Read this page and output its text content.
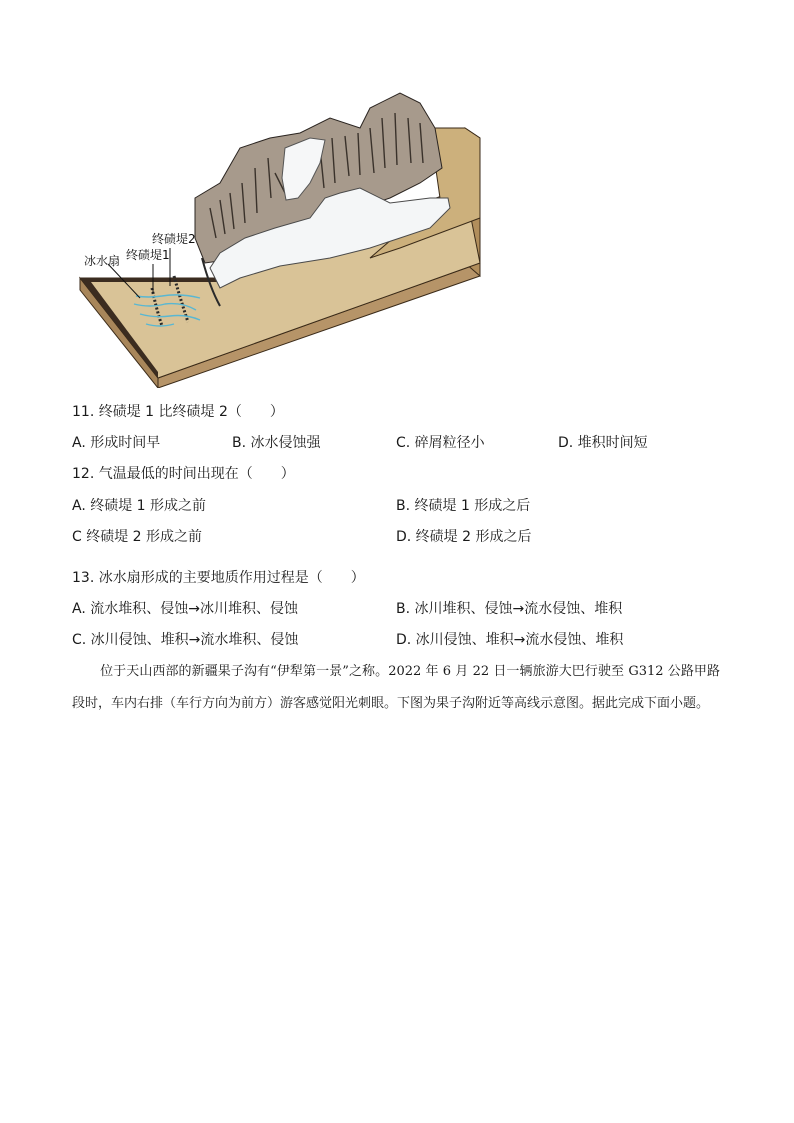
终碛堤2
终碛堤1
冰水扇
11. 终碛堤 1 比终碛堤 2（　　）
A. 形成时间早	B. 冰水侵蚀强	C. 碎屑粒径小	D. 堆积时间短
12. 气温最低的时间出现在（　　）
A. 终碛堤 1 形成之前	B. 终碛堤 1 形成之后
C 终碛堤 2 形成之前	D. 终碛堤 2 形成之后
13. 冰水扇形成的主要地质作用过程是（　　）
A. 流水堆积、侵蚀→冰川堆积、侵蚀	B. 冰川堆积、侵蚀→流水侵蚀、堆积
C. 冰川侵蚀、堆积→流水堆积、侵蚀	D. 冰川侵蚀、堆积→流水侵蚀、堆积
位于天山西部的新疆果子沟有“伊犁第一景”之称。2022 年 6 月 22 日一辆旅游大巴行驶至 G312 公路甲路段时，车内右排（车行方向为前方）游客感觉阳光刺眼。下图为果子沟附近等高线示意图。据此完成下面小题。
